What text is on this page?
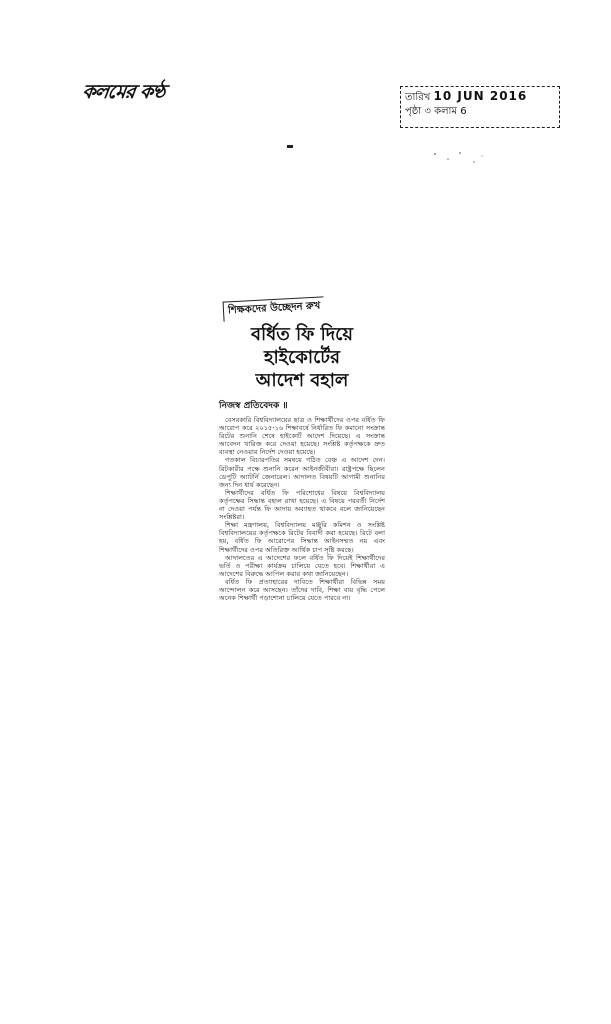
কলমের কণ্ঠ	তারিখ 10 JUN 2016
পৃষ্ঠা ৩ কলাম 6
শিক্ষকদের উচ্ছেদন রুখ
বর্ধিত ফি দিয়ে
হাইকোর্টের
আদেশ বহাল
নিজস্ব প্রতিবেদক ॥

বেসরকারি বিশ্ববিদ্যালয়ের ছাত্র ও শিক্ষার্থীদের ওপর বর্ধিত ফি আরোপ করে ২০১৫-১৬ শিক্ষাবর্ষে নির্ধারিত ফি কমানো সংক্রান্ত রিটের শুনানি শেষে হাইকোর্ট আদেশ দিয়েছে। এ সংক্রান্ত আবেদন খারিজ করে দেওয়া হয়েছে। সংশ্লিষ্ট কর্তৃপক্ষকে দ্রুত ব্যবস্থা নেওয়ার নির্দেশ দেওয়া হয়েছে।

গতকাল বিচারপতির সমন্বয়ে গঠিত বেঞ্চ এ আদেশ দেন। রিটকারীর পক্ষে শুনানি করেন আইনজীবীরা। রাষ্ট্রপক্ষে ছিলেন ডেপুটি অ্যাটর্নি জেনারেল। আদালত বিষয়টি আগামী শুনানির জন্য দিন ধার্য করেছেন।

শিক্ষার্থীদের বর্ধিত ফি পরিশোধের বিষয়ে বিশ্ববিদ্যালয় কর্তৃপক্ষের সিদ্ধান্ত বহাল রাখা হয়েছে। এ বিষয়ে পরবর্তী নির্দেশ না দেওয়া পর্যন্ত ফি আদায় অব্যাহত থাকবে বলে জানিয়েছেন সংশ্লিষ্টরা।

শিক্ষা মন্ত্রণালয়, বিশ্ববিদ্যালয় মঞ্জুরি কমিশন ও সংশ্লিষ্ট বিশ্ববিদ্যালয়ের কর্তৃপক্ষকে রিটের বিবাদী করা হয়েছে। রিটে বলা হয়, বর্ধিত ফি আরোপের সিদ্ধান্ত আইনসম্মত নয় এবং শিক্ষার্থীদের ওপর অতিরিক্ত আর্থিক চাপ সৃষ্টি করছে।

আদালতের এ আদেশের ফলে বর্ধিত ফি দিয়েই শিক্ষার্থীদের ভর্তি ও পরীক্ষা কার্যক্রম চালিয়ে যেতে হবে। শিক্ষার্থীরা এ আদেশের বিরুদ্ধে আপিল করার কথা জানিয়েছেন।

বর্ধিত ফি প্রত্যাহারের দাবিতে শিক্ষার্থীরা বিভিন্ন সময় আন্দোলন করে আসছেন। তাঁদের দাবি, শিক্ষা ব্যয় বৃদ্ধি পেলে অনেক শিক্ষার্থী পড়াশোনা চালিয়ে যেতে পারবে না।
